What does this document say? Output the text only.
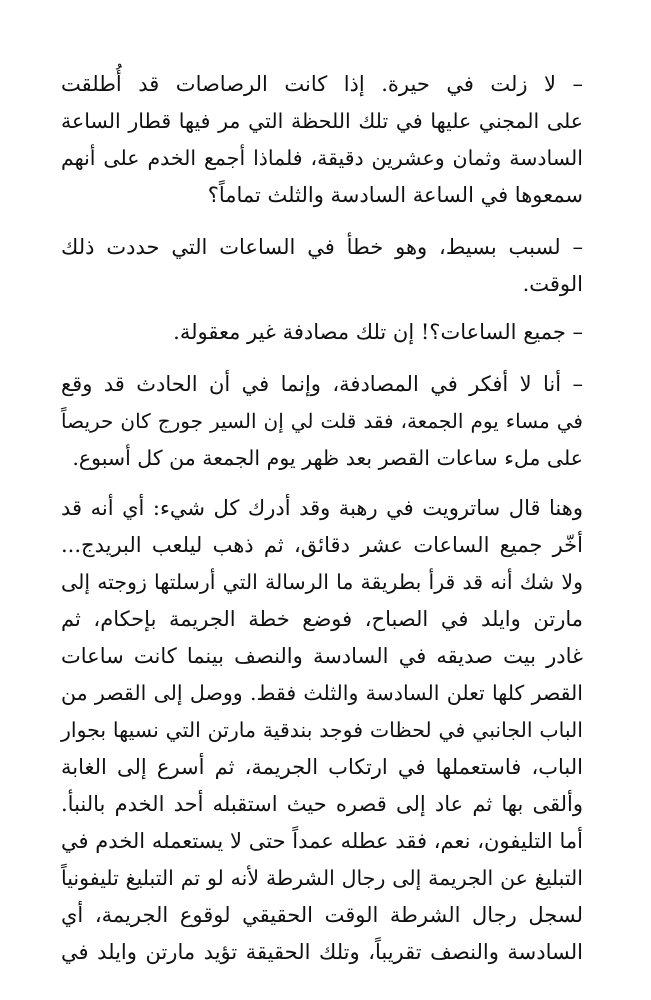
– لا زلت في حيرة. إذا كانت الرصاصات قد أُطلقت
على المجني عليها في تلك اللحظة التي مر فيها قطار الساعة
السادسة وثمان وعشرين دقيقة، فلماذا أجمع الخدم على أنهم
سمعوها في الساعة السادسة والثلث تماماً؟
– لسبب بسيط، وهو خطأ في الساعات التي حددت ذلك
الوقت.
– جميع الساعات؟! إن تلك مصادفة غير معقولة.
– أنا لا أفكر في المصادفة، وإنما في أن الحادث قد وقع
في مساء يوم الجمعة، فقد قلت لي إن السير جورج كان حريصاً
على ملء ساعات القصر بعد ظهر يوم الجمعة من كل أسبوع.
وهنا قال ساترويت في رهبة وقد أدرك كل شيء: أي أنه قد
أخّر جميع الساعات عشر دقائق، ثم ذهب ليلعب البريدج...
ولا شك أنه قد قرأ بطريقة ما الرسالة التي أرسلتها زوجته إلى
مارتن وايلد في الصباح، فوضع خطة الجريمة بإحكام، ثم
غادر بيت صديقه في السادسة والنصف بينما كانت ساعات
القصر كلها تعلن السادسة والثلث فقط. ووصل إلى القصر من
الباب الجانبي في لحظات فوجد بندقية مارتن التي نسيها بجوار
الباب، فاستعملها في ارتكاب الجريمة، ثم أسرع إلى الغابة
وألقى بها ثم عاد إلى قصره حيث استقبله أحد الخدم بالنبأ.
أما التليفون، نعم، فقد عطله عمداً حتى لا يستعمله الخدم في
التبليغ عن الجريمة إلى رجال الشرطة لأنه لو تم التبليغ تليفونياً
لسجل رجال الشرطة الوقت الحقيقي لوقوع الجريمة، أي
السادسة والنصف تقريباً، وتلك الحقيقة تؤيد مارتن وايلد في
